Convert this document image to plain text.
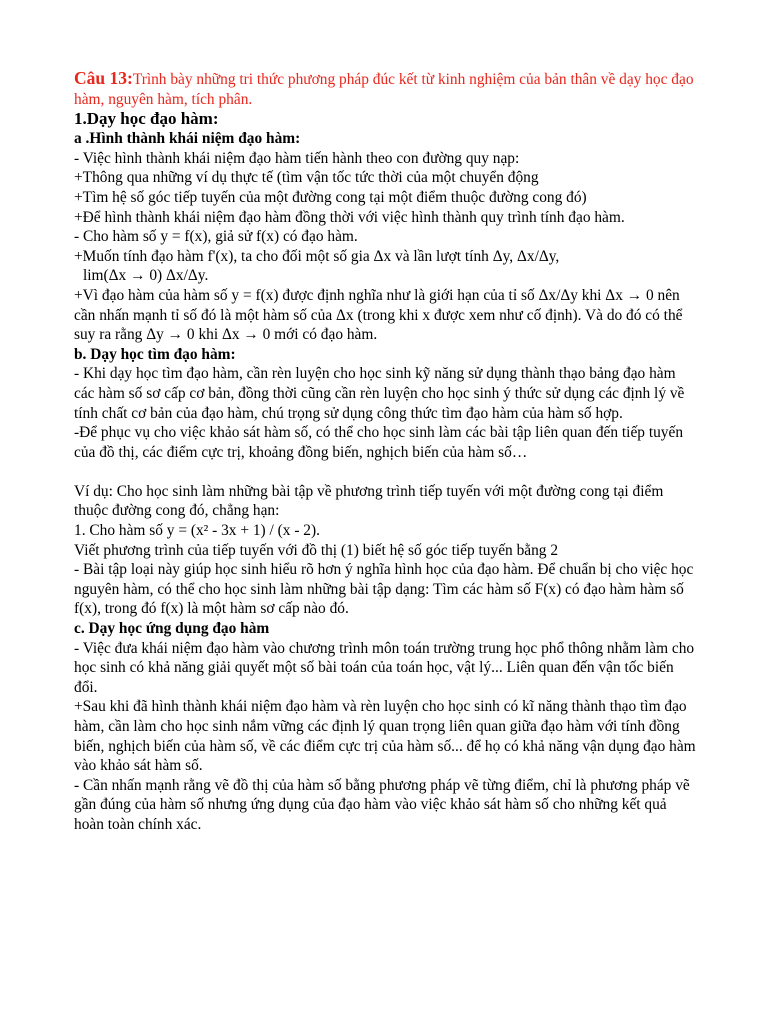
Câu 13:Trình bày những tri thức phương pháp đúc kết từ kinh nghiệm của bản thân về dạy học đạo hàm, nguyên hàm, tích phân.

1.Dạy học đạo hàm:

a .Hình thành khái niệm đạo hàm:

- Việc hình thành khái niệm đạo hàm tiến hành theo con đường quy nạp:

+Thông qua những ví dụ thực tế (tìm vận tốc tức thời của một chuyển động

+Tìm hệ số góc tiếp tuyến của một đường cong tại một điểm thuộc đường cong đó)

+Để hình thành khái niệm đạo hàm đồng thời với việc hình thành quy trình tính đạo hàm.

- Cho hàm số y = f(x), giả sử f(x) có đạo hàm.

+Muốn tính đạo hàm f'(x), ta cho đối một số gia Δx và lần lượt tính Δy, Δx/Δy,

lim(Δx → 0) Δx/Δy.

+Vì đạo hàm của hàm số y = f(x) được định nghĩa như là giới hạn của tỉ số Δx/Δy khi Δx → 0 nên cần nhấn mạnh tỉ số đó là một hàm số của Δx (trong khi x được xem như cố định). Và do đó có thể suy ra rằng Δy → 0 khi Δx → 0 mới có đạo hàm.

b. Dạy học tìm đạo hàm:

- Khi dạy học tìm đạo hàm, cần rèn luyện cho học sinh kỹ năng sử dụng thành thạo bảng đạo hàm các hàm số sơ cấp cơ bản, đồng thời cũng cần rèn luyện cho học sinh ý thức sử dụng các định lý về tính chất cơ bản của đạo hàm, chú trọng sử dụng công thức tìm đạo hàm của hàm số hợp.

-Để phục vụ cho việc khảo sát hàm số, có thể cho học sinh làm các bài tập liên quan đến tiếp tuyến của đồ thị, các điểm cực trị, khoảng đồng biến, nghịch biến của hàm số…

Ví dụ: Cho học sinh làm những bài tập về phương trình tiếp tuyến với một đường cong tại điểm thuộc đường cong đó, chẳng hạn:

1. Cho hàm số y = (x² - 3x + 1) / (x - 2).

Viết phương trình của tiếp tuyến với đồ thị (1) biết hệ số góc tiếp tuyến bằng 2

- Bài tập loại này giúp học sinh hiểu rõ hơn ý nghĩa hình học của đạo hàm. Để chuẩn bị cho việc học nguyên hàm, có thể cho học sinh làm những bài tập dạng: Tìm các hàm số F(x) có đạo hàm hàm số f(x), trong đó f(x) là một hàm sơ cấp nào đó.

c. Dạy học ứng dụng đạo hàm

- Việc đưa khái niệm đạo hàm vào chương trình môn toán trường trung học phổ thông nhằm làm cho học sinh có khả năng giải quyết một số bài toán của toán học, vật lý... Liên quan đến vận tốc biến đổi.

+Sau khi đã hình thành khái niệm đạo hàm và rèn luyện cho học sinh có kĩ năng thành thạo tìm đạo hàm, cần làm cho học sinh nắm vững các định lý quan trọng liên quan giữa đạo hàm với tính đồng biến, nghịch biến của hàm số, về các điểm cực trị của hàm số... để họ có khả năng vận dụng đạo hàm vào khảo sát hàm số.

- Cần nhấn mạnh rằng vẽ đồ thị của hàm số bằng phương pháp vẽ từng điểm, chỉ là phương pháp vẽ gần đúng của hàm số nhưng ứng dụng của đạo hàm vào việc khảo sát hàm số cho những kết quả hoàn toàn chính xác.
